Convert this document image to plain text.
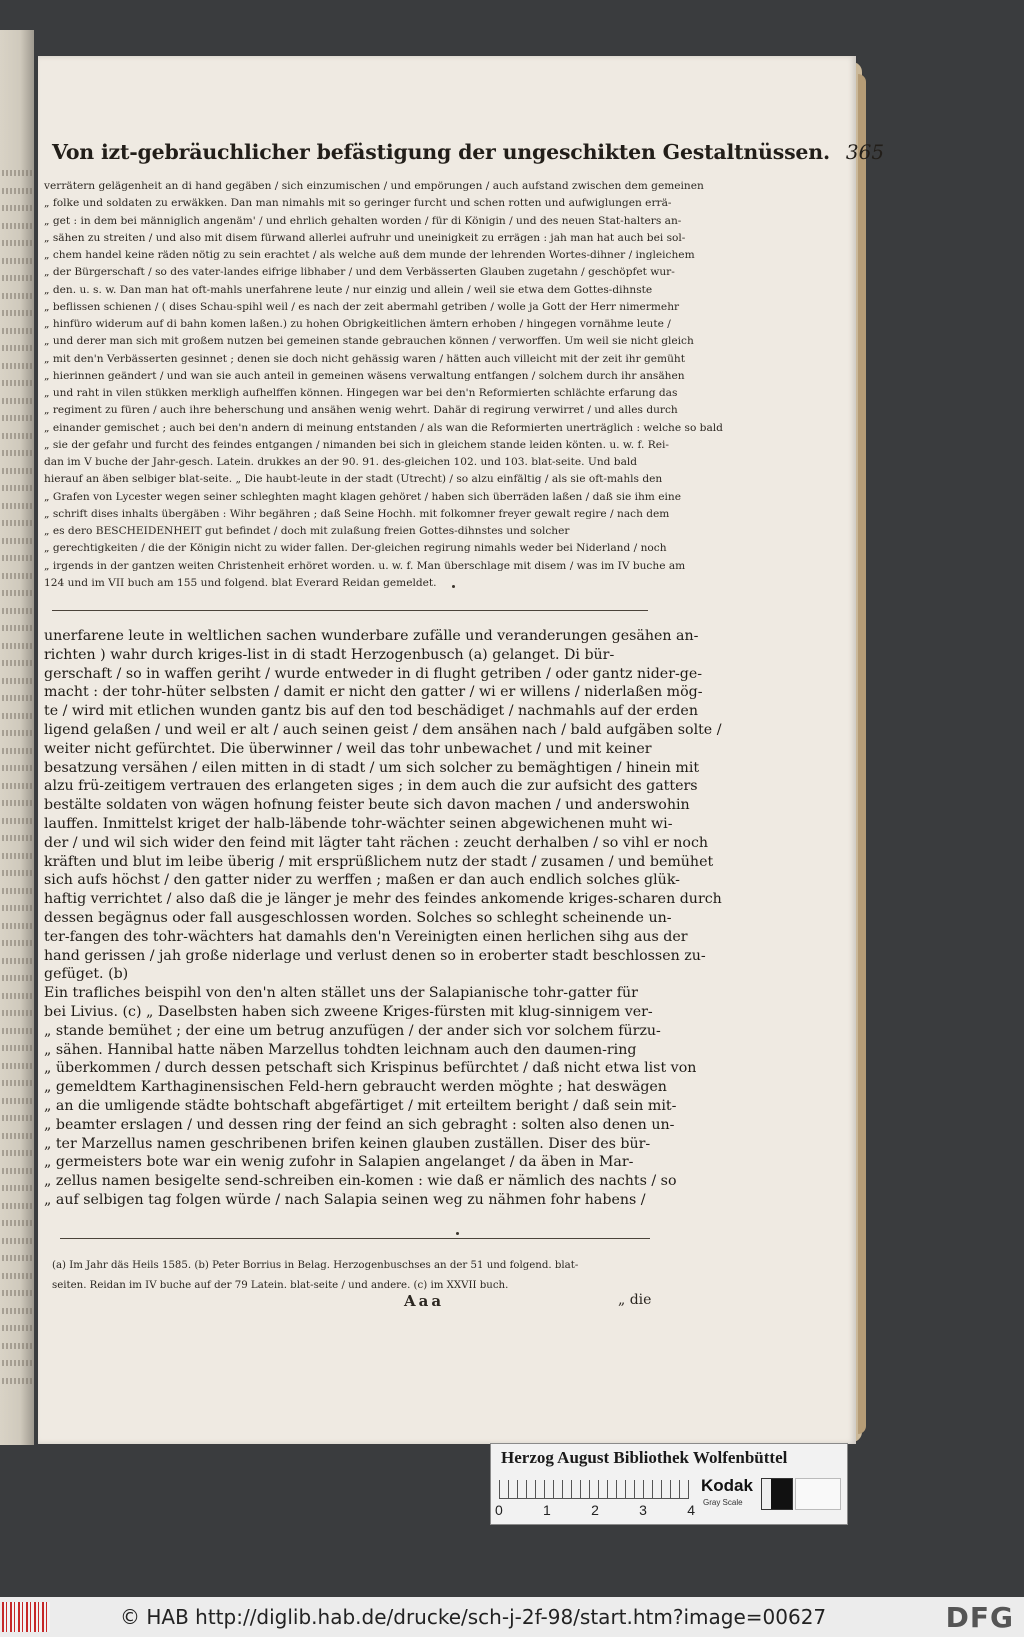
Von izt-gebräuchlicher befästigung der ungeschikten Gestaltnüssen. 365
verrätern gelägenheit an di hand gegäben / sich einzumischen / und empörungen / auch aufstand zwischen dem gemeinen
„ folke und soldaten zu erwäkken. Dan man nimahls mit so geringer furcht und schen rotten und aufwiglungen errä-
„ get : in dem bei männiglich angenäm' / und ehrlich gehalten worden / für di Königin / und des neuen Stat-halters an-
„ sähen zu streiten / und also mit disem fürwand allerlei aufruhr und uneinigkeit zu errägen : jah man hat auch bei sol-
„ chem handel keine räden nötig zu sein erachtet / als welche auß dem munde der lehrenden Wortes-dihner / ingleichem
„ der Bürgerschaft / so des vater-landes eifrige libhaber / und dem Verbässerten Glauben zugetahn / geschöpfet wur-
„ den. u. s. w. Dan man hat oft-mahls unerfahrene leute / nur einzig und allein / weil sie etwa dem Gottes-dihnste
„ beflissen schienen / ( dises Schau-spihl weil / es nach der zeit abermahl getriben / wolle ja Gott der Herr nimermehr
„ hinfüro widerum auf di bahn komen laßen.) zu hohen Obrigkeitlichen ämtern erhoben / hingegen vornähme leute /
„ und derer man sich mit großem nutzen bei gemeinen stande gebrauchen können / verworffen. Um weil sie nicht gleich
„ mit den'n Verbässerten gesinnet ; denen sie doch nicht gehässig waren / hätten auch villeicht mit der zeit ihr gemüht
„ hierinnen geändert / und wan sie auch anteil in gemeinen wäsens verwaltung entfangen / solchem durch ihr ansähen
„ und raht in vilen stükken merkligh aufhelffen können. Hingegen war bei den'n Reformierten schlächte erfarung das
„ regiment zu füren / auch ihre beherschung und ansähen wenig wehrt. Dahär di regirung verwirret / und alles durch
„ einander gemischet ; auch bei den'n andern di meinung entstanden / als wan die Reformierten unerträglich : welche so bald
„ sie der gefahr und furcht des feindes entgangen / nimanden bei sich in gleichem stande leiden könten. u. w. f. Rei-
dan im V buche der Jahr-gesch. Latein. drukkes an der 90. 91. des-gleichen 102. und 103. blat-seite. Und bald
hierauf an äben selbiger blat-seite. „ Die haubt-leute in der stadt (Utrecht) / so alzu einfältig / als sie oft-mahls den
„ Grafen von Lycester wegen seiner schleghten maght klagen gehöret / haben sich überräden laßen / daß sie ihm eine
„ schrift dises inhalts übergäben : Wihr begähren ; daß Seine Hochh. mit folkomner freyer gewalt regire / nach dem
„ es dero BESCHEIDENHEIT gut befindet / doch mit zulaßung freien Gottes-dihnstes und solcher
„ gerechtigkeiten / die der Königin nicht zu wider fallen. Der-gleichen regirung nimahls weder bei Niderland / noch
„ irgends in der gantzen weiten Christenheit erhöret worden. u. w. f. Man überschlage mit disem / was im IV buche am
124 und im VII buch am 155 und folgend. blat Everard Reidan gemeldet.
unerfarene leute in weltlichen sachen wunderbare zufälle und veranderungen gesähen an-
richten ) wahr durch kriges-list in di stadt Herzogenbusch (a) gelanget. Di bür-
gerschaft / so in waffen geriht / wurde entweder in di flught getriben / oder gantz nider-ge-
macht : der tohr-hüter selbsten / damit er nicht den gatter / wi er willens / niderlaßen mög-
te / wird mit etlichen wunden gantz bis auf den tod beschädiget / nachmahls auf der erden
ligend gelaßen / und weil er alt / auch seinen geist / dem ansähen nach / bald aufgäben solte /
weiter nicht gefürchtet. Die überwinner / weil das tohr unbewachet / und mit keiner
besatzung versähen / eilen mitten in di stadt / um sich solcher zu bemäghtigen / hinein mit
alzu frü-zeitigem vertrauen des erlangeten siges ; in dem auch die zur aufsicht des gatters
bestälte soldaten von wägen hofnung feister beute sich davon machen / und anderswohin
lauffen. Inmittelst kriget der halb-läbende tohr-wächter seinen abgewichenen muht wi-
der / und wil sich wider den feind mit lägter taht rächen : zeucht derhalben / so vihl er noch
kräften und blut im leibe überig / mit ersprüßlichem nutz der stadt / zusamen / und bemühet
sich aufs höchst / den gatter nider zu werffen ; maßen er dan auch endlich solches glük-
haftig verrichtet / also daß die je länger je mehr des feindes ankomende kriges-scharen durch
dessen begägnus oder fall ausgeschlossen worden. Solches so schleght scheinende un-
ter-fangen des tohr-wächters hat damahls den'n Vereinigten einen herlichen sihg aus der
hand gerissen / jah große niderlage und verlust denen so in eroberter stadt beschlossen zu-
gefüget. (b)
Ein trafliches beispihl von den'n alten stället uns der Salapianische tohr-gatter für
bei Livius. (c) „ Daselbsten haben sich zweene Kriges-fürsten mit klug-sinnigem ver-
„ stande bemühet ; der eine um betrug anzufügen / der ander sich vor solchem fürzu-
„ sähen. Hannibal hatte näben Marzellus tohdten leichnam auch den daumen-ring
„ überkommen / durch dessen petschaft sich Krispinus befürchtet / daß nicht etwa list von
„ gemeldtem Karthaginensischen Feld-hern gebraucht werden möghte ; hat deswägen
„ an die umligende städte bohtschaft abgefärtiget / mit erteiltem beright / daß sein mit-
„ beamter erslagen / und dessen ring der feind an sich gebraght : solten also denen un-
„ ter Marzellus namen geschribenen brifen keinen glauben zuställen. Diser des bür-
„ germeisters bote war ein wenig zufohr in Salapien angelanget / da äben in Mar-
„ zellus namen besigelte send-schreiben ein-komen : wie daß er nämlich des nachts / so
„ auf selbigen tag folgen würde / nach Salapia seinen weg zu nähmen fohr habens /
(a) Im Jahr däs Heils 1585. (b) Peter Borrius in Belag. Herzogenbuschses an der 51 und folgend. blat-
seiten. Reidan im IV buche auf der 79 Latein. blat-seite / und andere. (c) im XXVII buch.
Aaa	„ die
Herzog August Bibliothek Wolfenbüttel
0	1	2	3	4
Kodak
Gray Scale
© HAB http://diglib.hab.de/drucke/sch-j-2f-98/start.htm?image=00627	DFG
